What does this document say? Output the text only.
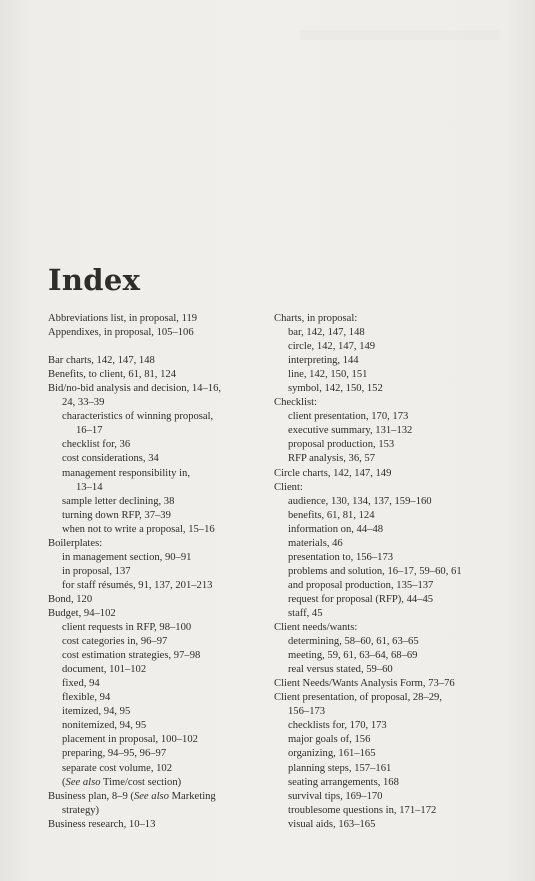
Index
Abbreviations list, in proposal, 119
Appendixes, in proposal, 105–106
Bar charts, 142, 147, 148
Benefits, to client, 61, 81, 124
Bid/no-bid analysis and decision, 14–16,
24, 33–39
characteristics of winning proposal,
16–17
checklist for, 36
cost considerations, 34
management responsibility in,
13–14
sample letter declining, 38
turning down RFP, 37–39
when not to write a proposal, 15–16
Boilerplates:
in management section, 90–91
in proposal, 137
for staff résumés, 91, 137, 201–213
Bond, 120
Budget, 94–102
client requests in RFP, 98–100
cost categories in, 96–97
cost estimation strategies, 97–98
document, 101–102
fixed, 94
flexible, 94
itemized, 94, 95
nonitemized, 94, 95
placement in proposal, 100–102
preparing, 94–95, 96–97
separate cost volume, 102
(See also Time/cost section)
Business plan, 8–9 (See also Marketing
strategy)
Business research, 10–13
Charts, in proposal:
bar, 142, 147, 148
circle, 142, 147, 149
interpreting, 144
line, 142, 150, 151
symbol, 142, 150, 152
Checklist:
client presentation, 170, 173
executive summary, 131–132
proposal production, 153
RFP analysis, 36, 57
Circle charts, 142, 147, 149
Client:
audience, 130, 134, 137, 159–160
benefits, 61, 81, 124
information on, 44–48
materials, 46
presentation to, 156–173
problems and solution, 16–17, 59–60, 61
and proposal production, 135–137
request for proposal (RFP), 44–45
staff, 45
Client needs/wants:
determining, 58–60, 61, 63–65
meeting, 59, 61, 63–64, 68–69
real versus stated, 59–60
Client Needs/Wants Analysis Form, 73–76
Client presentation, of proposal, 28–29,
156–173
checklists for, 170, 173
major goals of, 156
organizing, 161–165
planning steps, 157–161
seating arrangements, 168
survival tips, 169–170
troublesome questions in, 171–172
visual aids, 163–165
